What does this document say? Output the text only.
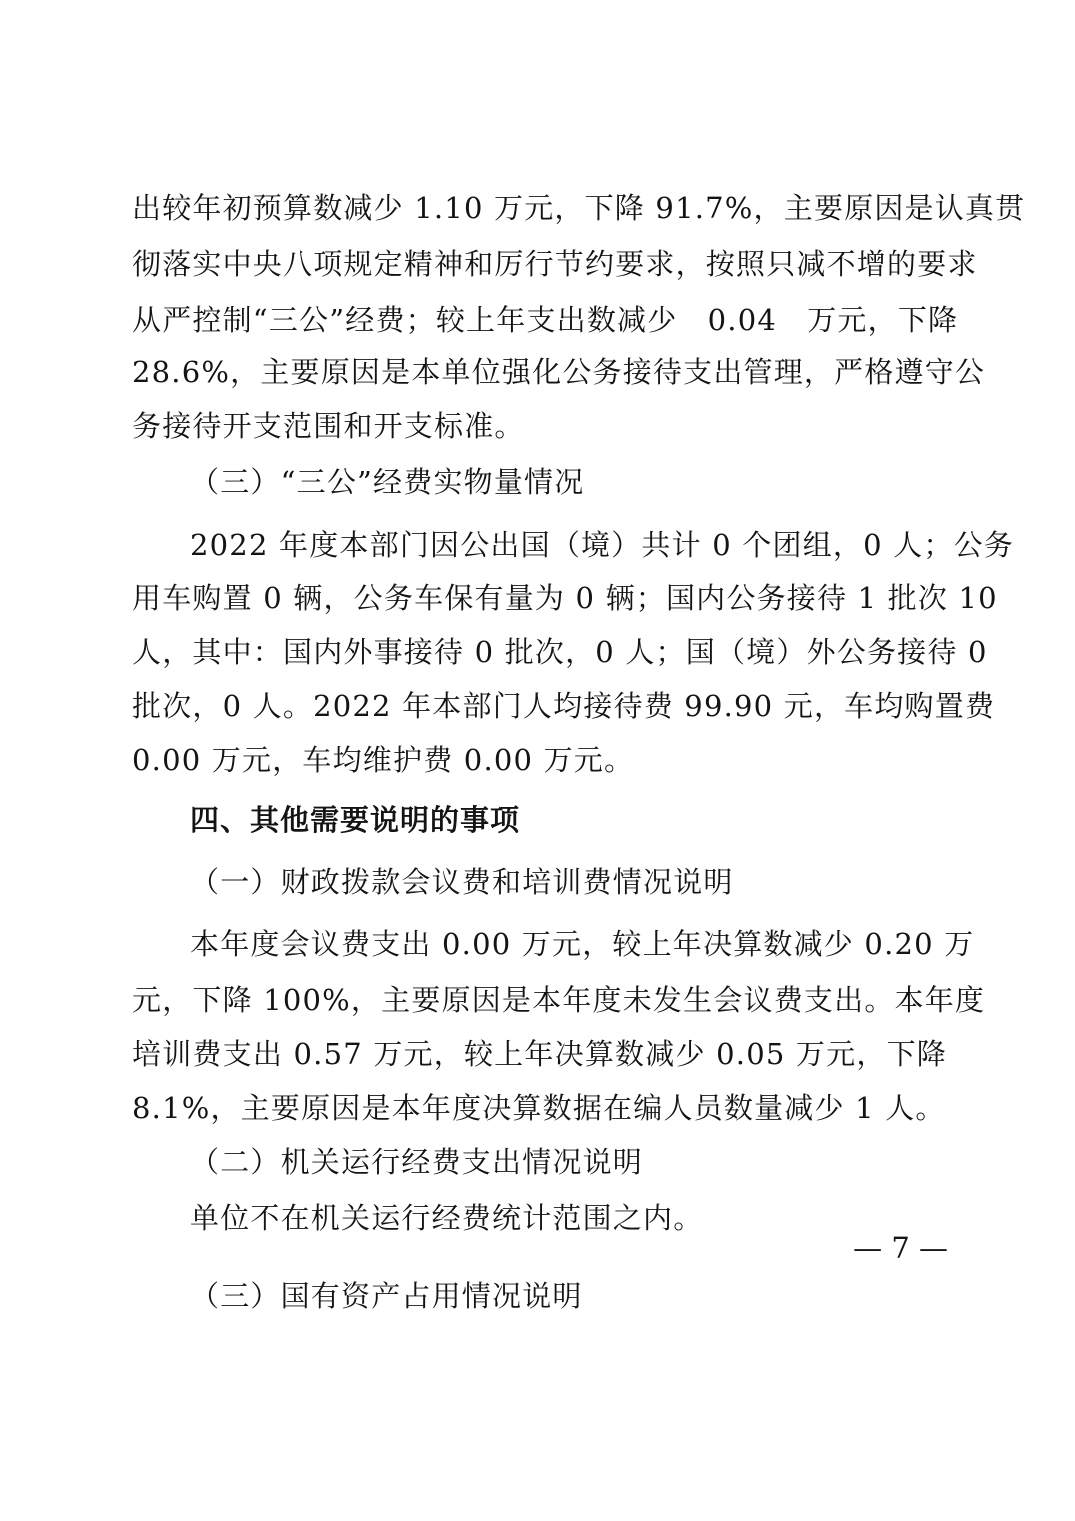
出较年初预算数减少 1.10 万元，下降 91.7%，主要原因是认真贯
彻落实中央八项规定精神和厉行节约要求，按照只减不增的要求
从严控制“三公”经费；较上年支出数减少　0.04　万元，下降
28.6%，主要原因是本单位强化公务接待支出管理，严格遵守公
务接待开支范围和开支标准。
（三）“三公”经费实物量情况
2022 年度本部门因公出国（境）共计 0 个团组，0 人；公务
用车购置 0 辆，公务车保有量为 0 辆；国内公务接待 1 批次 10
人，其中：国内外事接待 0 批次，0 人；国（境）外公务接待 0
批次，0 人。2022 年本部门人均接待费 99.90 元，车均购置费
0.00 万元，车均维护费 0.00 万元。
四、其他需要说明的事项
（一）财政拨款会议费和培训费情况说明
本年度会议费支出 0.00 万元，较上年决算数减少 0.20 万
元，下降 100%，主要原因是本年度未发生会议费支出。本年度
培训费支出 0.57 万元，较上年决算数减少 0.05 万元，下降
8.1%，主要原因是本年度决算数据在编人员数量减少 1 人。
（二）机关运行经费支出情况说明
单位不在机关运行经费统计范围之内。
（三）国有资产占用情况说明
— 7 —
